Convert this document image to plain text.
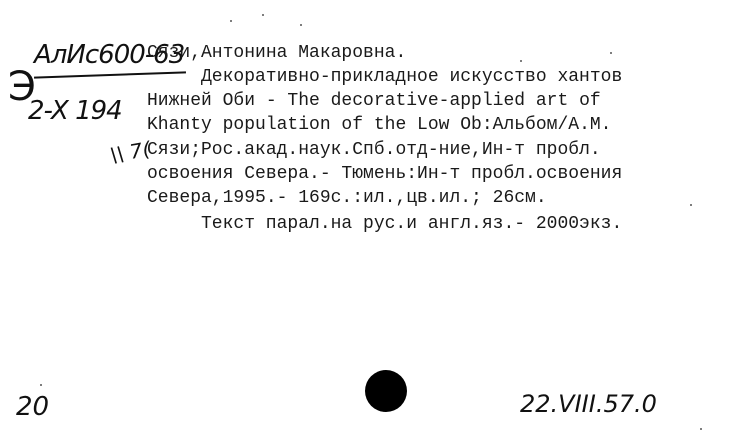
Э
АлИс600-63
2-X 194
\\ 7(
Сязи,Антонина Макаровна.
Декоративно-прикладное искусство хантов
Нижней Оби - The decorative-applied art of
Khanty population of the Low Ob:Альбом/А.М.
Сязи;Рос.акад.наук.Спб.отд-ние,Ин-т пробл.
освоения Севера.- Тюмень:Ин-т пробл.освоения
Севера,1995.- 169с.:ил.,цв.ил.; 26см.
Текст парал.на рус.и англ.яз.- 2000экз.
20	22.VIII.57.0
